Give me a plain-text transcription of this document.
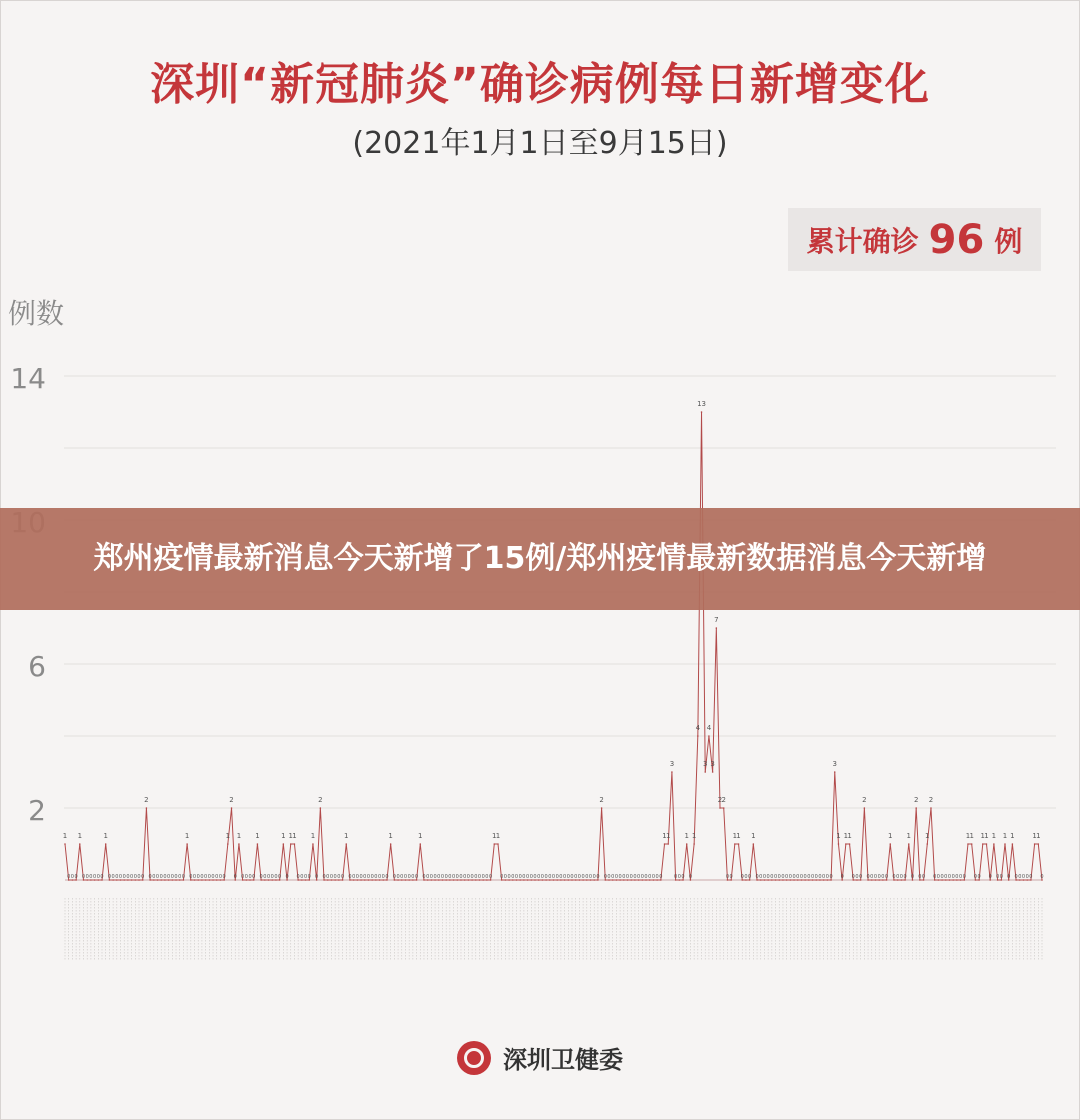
深圳“新冠肺炎”确诊病例每日新增变化
(2021年1月1日至9月15日)
累计确诊 96 例
例数
2
6
14
1
0 0 0
1
0 0 0 0 0 0
1
0 0 0 0 0 0 0 0 0 0
2
0 0 0 0 0 0 0 0 0 0
1
0 0 0 0 0 0 0 0 0 0
1
2
0
1
0 0 0 0
1
0 0 0 0 0 0
1
0
1 1
0 0 0 0
1
0
2
0 0 0 0 0 0
1
0 0 0 0 0 0 0 0 0 0 0
1
0 0 0 0 0 0 0
1
0 0 0 0 0 0 0 0 0 0 0 0 0 0 0 0 0 0 0
1 1
0 0 0 0 0 0 0 0 0 0 0 0 0 0 0 0 0 0 0 0 0 0 0 0 0 0 0
2
0 0 0 0 0 0 0 0 0 0 0 0 0 0 0 0
1 1
3
0 0 0
1
0
1
4
13
3
4
3
7
2 2
0 0
1 1
0 0 0
1
0 0 0 0 0 0 0 0 0 0 0 0 0 0 0 0 0 0 0 0 0
3
1
0
1 1
0 0 0
2
0 0 0 0 0 0
1
0 0 0 0
1
0
2
0 0
1
2
0 0 0 0 0 0 0 0 0
1 1
0 0
1 1
0
1
0 0
1
0
1
0 0 0 0 0
1 1
0
郑州疫情最新消息今天新增了15例/郑州疫情最新数据消息今天新增
深圳卫健委
